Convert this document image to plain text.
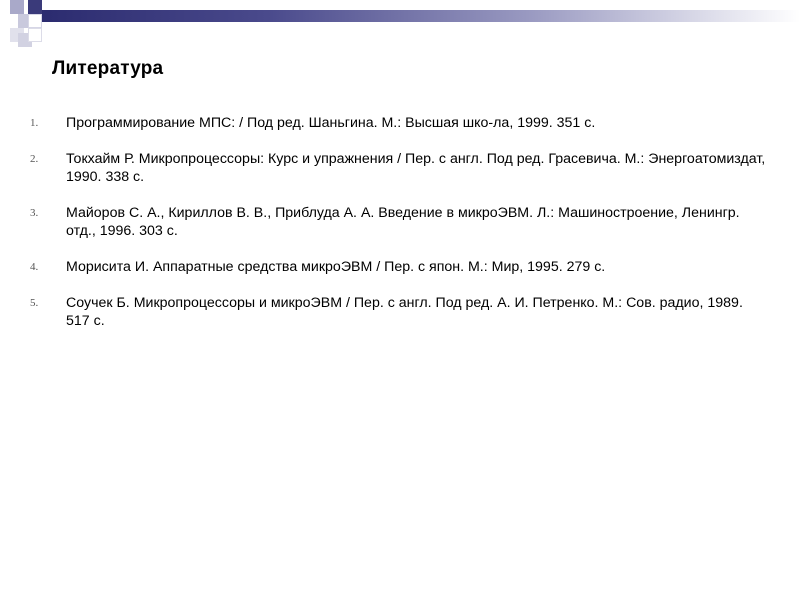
Литература
1.	Программирование МПС: / Под ред. Шаньгина. М.: Высшая шко-ла, 1999. 351 с.
2.	Токхайм Р. Микропроцессоры: Курс и упражнения / Пер. с англ. Под ред. Грасевича. М.: Энергоатомиздат, 1990. 338 с.
3.	Майоров С. А., Кириллов В. В., Приблуда А. А. Введение в микроЭВМ. Л.: Машиностроение, Ленингр. отд., 1996. 303 с.
4.	Морисита И. Аппаратные средства микроЭВМ / Пер. с япон. М.: Мир, 1995. 279 с.
5.	Соучек Б. Микропроцессоры и микроЭВМ / Пер. с англ. Под ред. А. И. Петренко. М.: Сов. радио, 1989. 517 с.
